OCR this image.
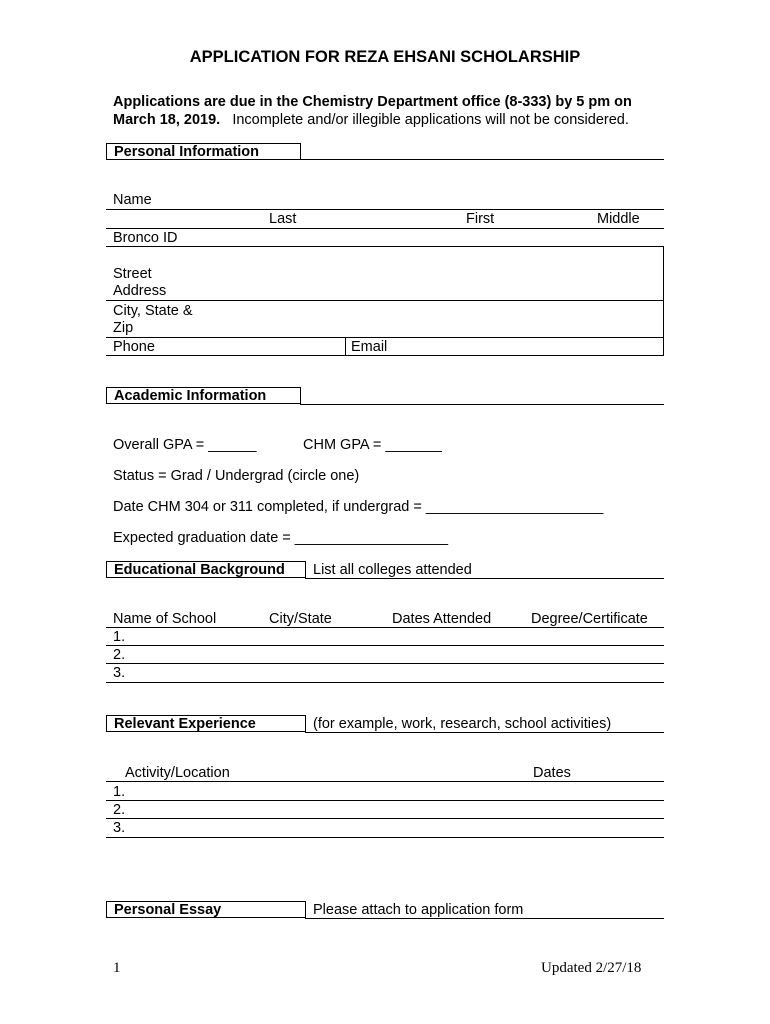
APPLICATION FOR REZA EHSANI SCHOLARSHIP
Applications are due in the Chemistry Department office (8-333) by 5 pm on
March 18, 2019. Incomplete and/or illegible applications will not be considered.
Personal Information
Name
Last	First	Middle
Bronco ID
Street
Address
City, State &
Zip
Phone	Email
Academic Information
Overall GPA = ______	CHM GPA = _______
Status = Grad / Undergrad (circle one)
Date CHM 304 or 311 completed, if undergrad = ______________________
Expected graduation date = ___________________
Educational Background List all colleges attended
Name of School	City/State	Dates Attended	Degree/Certificate
1.
2.
3.
Relevant Experience	(for example, work, research, school activities)
Activity/Location	Dates
1.
2.
3.
Personal Essay	Please attach to application form
1	Updated 2/27/18
